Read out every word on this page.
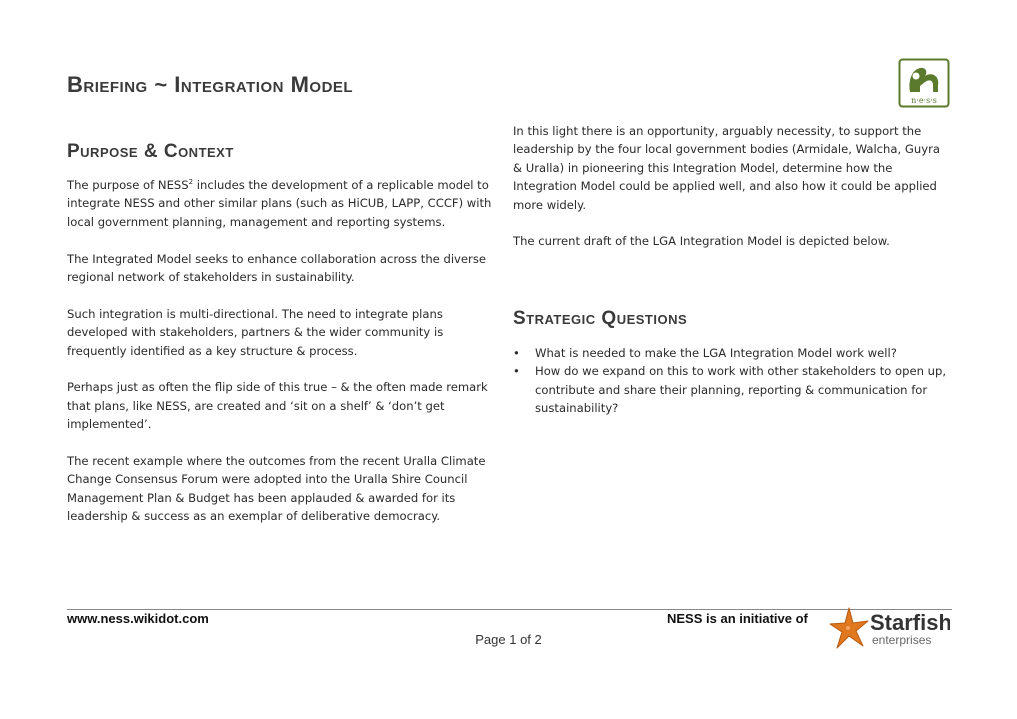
Briefing ~ Integration Model
n·e·s·s
Purpose & Context

The purpose of NESS$^2$ includes the development of a replicable model to integrate NESS and other similar plans (such as HiCUB, LAPP, CCCF) with local government planning, management and reporting systems.

The Integrated Model seeks to enhance collaboration across the diverse regional network of stakeholders in sustainability.

Such integration is multi-directional. The need to integrate plans developed with stakeholders, partners & the wider community is frequently identified as a key structure & process.

Perhaps just as often the flip side of this true – & the often made remark that plans, like NESS, are created and ‘sit on a shelf’ & ‘don’t get implemented’.

The recent example where the outcomes from the recent Uralla Climate Change Consensus Forum were adopted into the Uralla Shire Council Management Plan & Budget has been applauded & awarded for its leadership & success as an exemplar of deliberative democracy.

In this light there is an opportunity, arguably necessity, to support the leadership by the four local government bodies (Armidale, Walcha, Guyra & Uralla) in pioneering this Integration Model, determine how the Integration Model could be applied well, and also how it could be applied more widely.

The current draft of the LGA Integration Model is depicted below.

Strategic Questions
• What is needed to make the LGA Integration Model work well?
• How do we expand on this to work with other stakeholders to open up, contribute and share their planning, reporting & communication for sustainability?
www.ness.wikidot.com	NESS is an initiative of
Page 1 of 2
Starfish
enterprises
